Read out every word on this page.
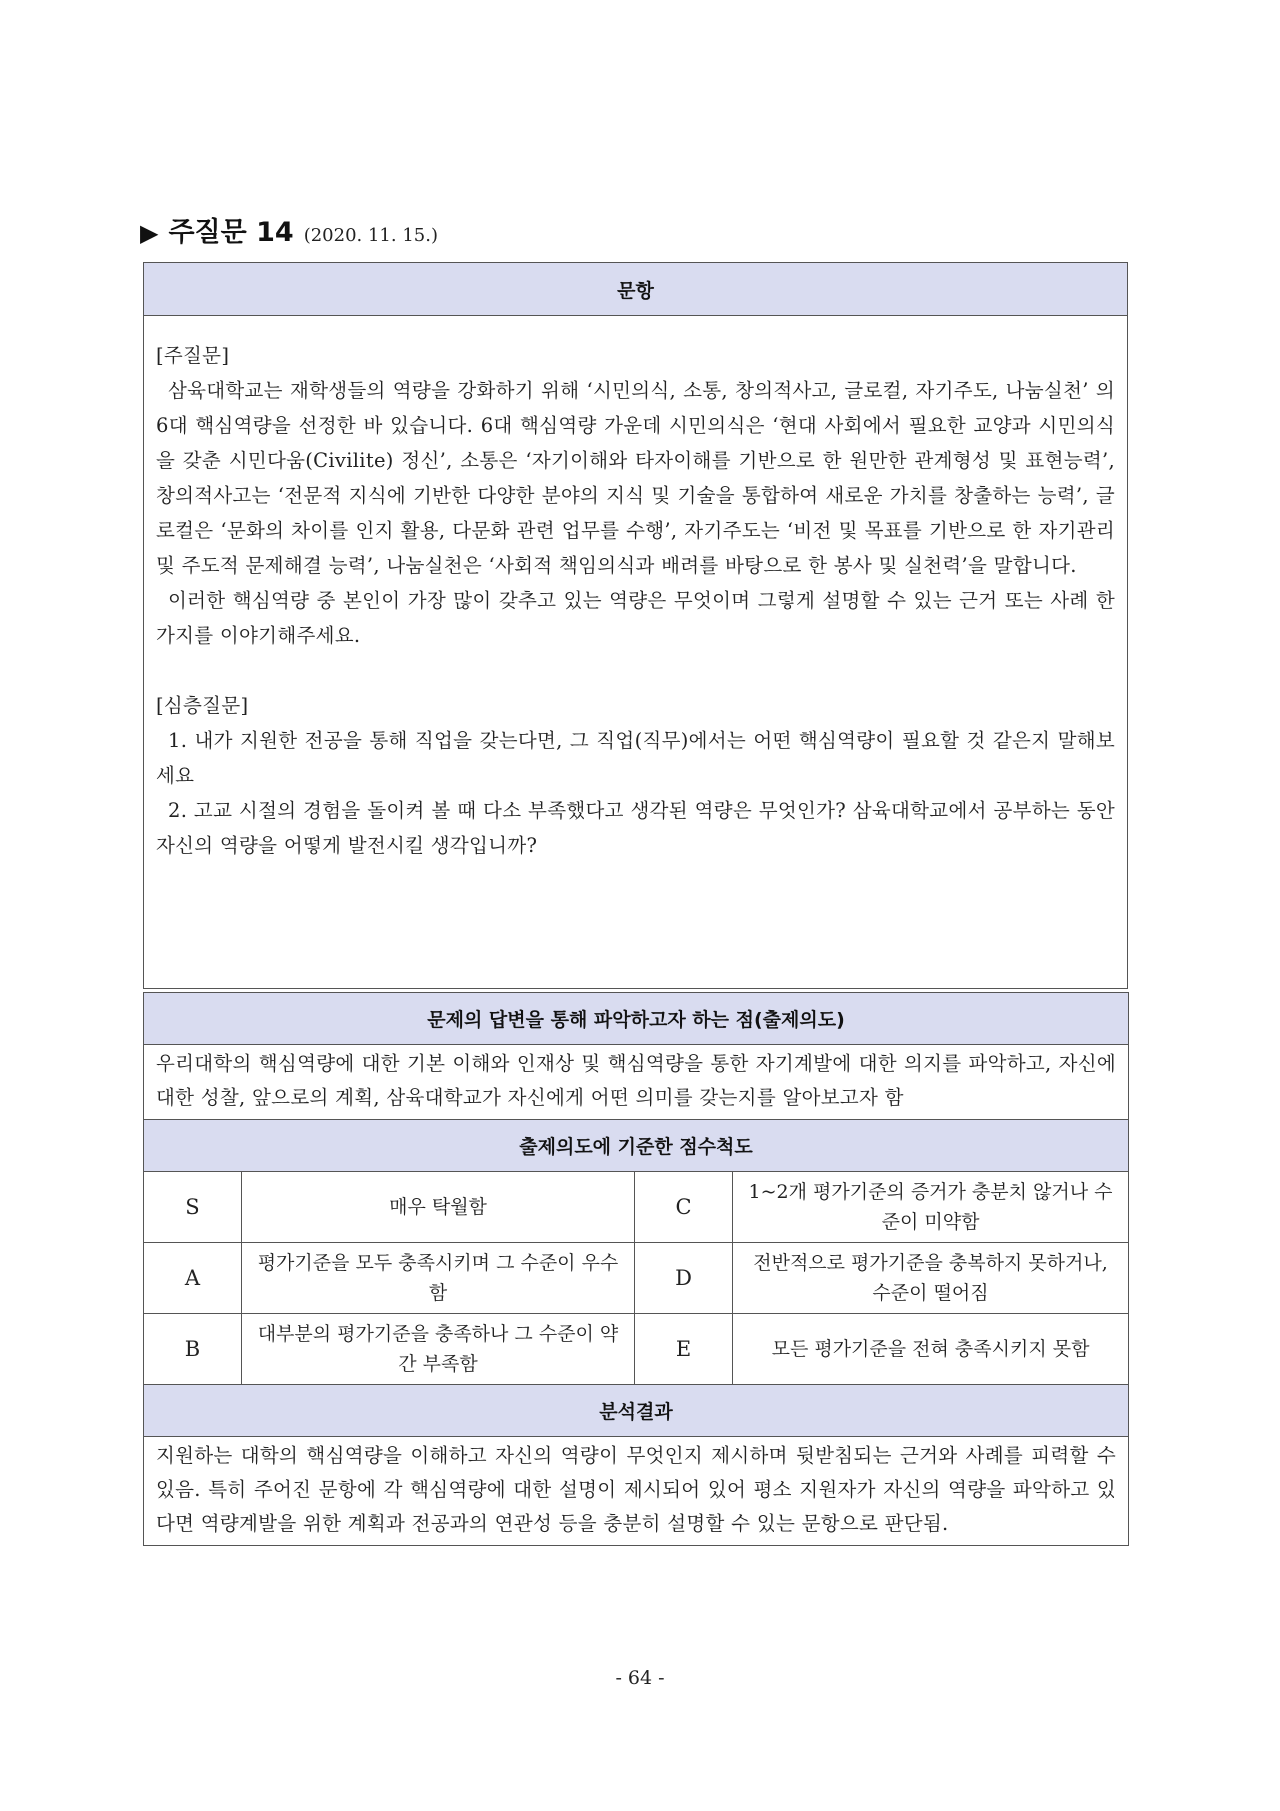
▶ 주질문 14 (2020. 11. 15.)
문항

[주질문]

삼육대학교는 재학생들의 역량을 강화하기 위해 ‘시민의식, 소통, 창의적사고, 글로컬, 자기주도, 나눔실천’ 의 6대 핵심역량을 선정한 바 있습니다. 6대 핵심역량 가운데 시민의식은 ‘현대 사회에서 필요한 교양과 시민의식을 갖춘 시민다움(Civilite) 정신’, 소통은 ‘자기이해와 타자이해를 기반으로 한 원만한 관계형성 및 표현능력’, 창의적사고는 ‘전문적 지식에 기반한 다양한 분야의 지식 및 기술을 통합하여 새로운 가치를 창출하는 능력’, 글로컬은 ‘문화의 차이를 인지 활용, 다문화 관련 업무를 수행’, 자기주도는 ‘비전 및 목표를 기반으로 한 자기관리 및 주도적 문제해결 능력’, 나눔실천은 ‘사회적 책임의식과 배려를 바탕으로 한 봉사 및 실천력’을 말합니다.

이러한 핵심역량 중 본인이 가장 많이 갖추고 있는 역량은 무엇이며 그렇게 설명할 수 있는 근거 또는 사례 한 가지를 이야기해주세요.

[심층질문]

1. 내가 지원한 전공을 통해 직업을 갖는다면, 그 직업(직무)에서는 어떤 핵심역량이 필요할 것 같은지 말해보세요

2. 고교 시절의 경험을 돌이켜 볼 때 다소 부족했다고 생각된 역량은 무엇인가? 삼육대학교에서 공부하는 동안 자신의 역량을 어떻게 발전시킬 생각입니까?

문제의 답변을 통해 파악하고자 하는 점(출제의도)			
우리대학의 핵심역량에 대한 기본 이해와 인재상 및 핵심역량을 통한 자기계발에 대한 의지를 파악하고, 자신에 대한 성찰, 앞으로의 계획, 삼육대학교가 자신에게 어떤 의미를 갖는지를 알아보고자 함			
출제의도에 기준한 점수척도			
S	매우 탁월함	C	1~2개 평가기준의 증거가 충분치 않거나 수준이 미약함
A	평가기준을 모두 충족시키며 그 수준이 우수함	D	전반적으로 평가기준을 충복하지 못하거나, 수준이 떨어짐
B	대부분의 평가기준을 충족하나 그 수준이 약간 부족함	E	모든 평가기준을 전혀 충족시키지 못함
분석결과			
지원하는 대학의 핵심역량을 이해하고 자신의 역량이 무엇인지 제시하며 뒷받침되는 근거와 사례를 피력할 수 있음. 특히 주어진 문항에 각 핵심역량에 대한 설명이 제시되어 있어 평소 지원자가 자신의 역량을 파악하고 있다면 역량계발을 위한 계획과 전공과의 연관성 등을 충분히 설명할 수 있는 문항으로 판단됨.			
- 64 -
